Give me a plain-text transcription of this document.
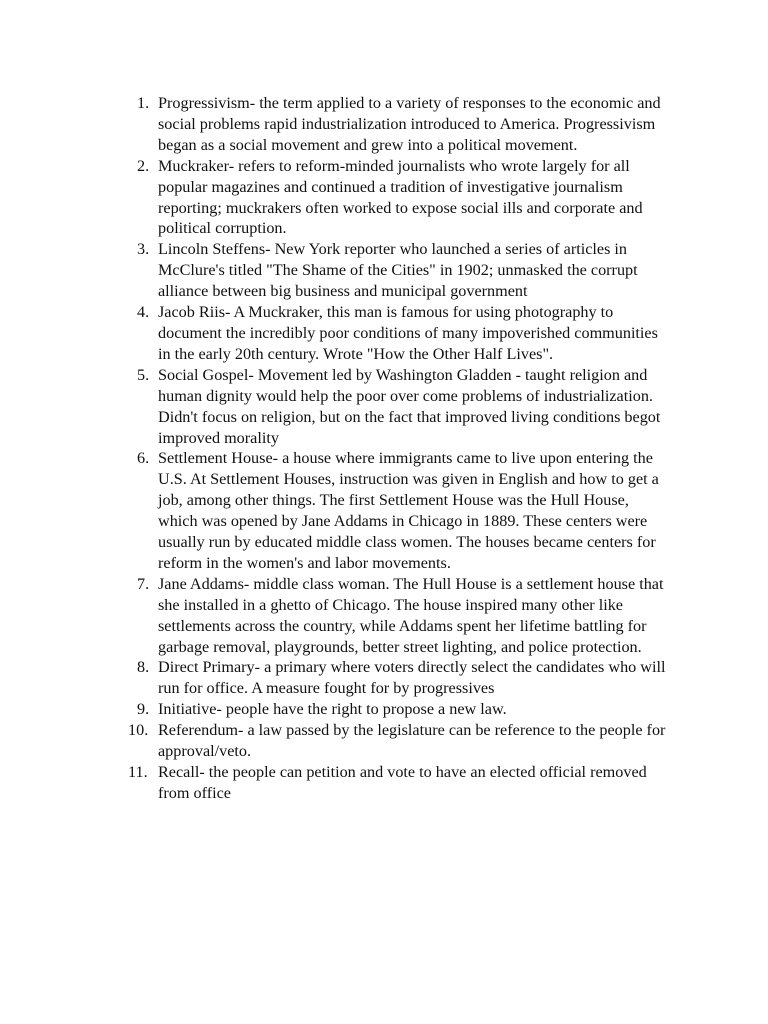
1. Progressivism- the term applied to a variety of responses to the economic and social problems rapid industrialization introduced to America. Progressivism began as a social movement and grew into a political movement.
2. Muckraker- refers to reform-minded journalists who wrote largely for all popular magazines and continued a tradition of investigative journalism reporting; muckrakers often worked to expose social ills and corporate and political corruption.
3. Lincoln Steffens- New York reporter who launched a series of articles in McClure's titled "The Shame of the Cities" in 1902; unmasked the corrupt alliance between big business and municipal government
4. Jacob Riis- A Muckraker, this man is famous for using photography to document the incredibly poor conditions of many impoverished communities in the early 20th century. Wrote "How the Other Half Lives".
5. Social Gospel- Movement led by Washington Gladden - taught religion and human dignity would help the poor over come problems of industrialization. Didn't focus on religion, but on the fact that improved living conditions begot improved morality
6. Settlement House- a house where immigrants came to live upon entering the U.S. At Settlement Houses, instruction was given in English and how to get a job, among other things. The first Settlement House was the Hull House, which was opened by Jane Addams in Chicago in 1889. These centers were usually run by educated middle class women. The houses became centers for reform in the women's and labor movements.
7. Jane Addams- middle class woman. The Hull House is a settlement house that she installed in a ghetto of Chicago. The house inspired many other like settlements across the country, while Addams spent her lifetime battling for garbage removal, playgrounds, better street lighting, and police protection.
8. Direct Primary- a primary where voters directly select the candidates who will run for office. A measure fought for by progressives
9. Initiative- people have the right to propose a new law.
10. Referendum- a law passed by the legislature can be reference to the people for approval/veto.
11. Recall- the people can petition and vote to have an elected official removed from office
